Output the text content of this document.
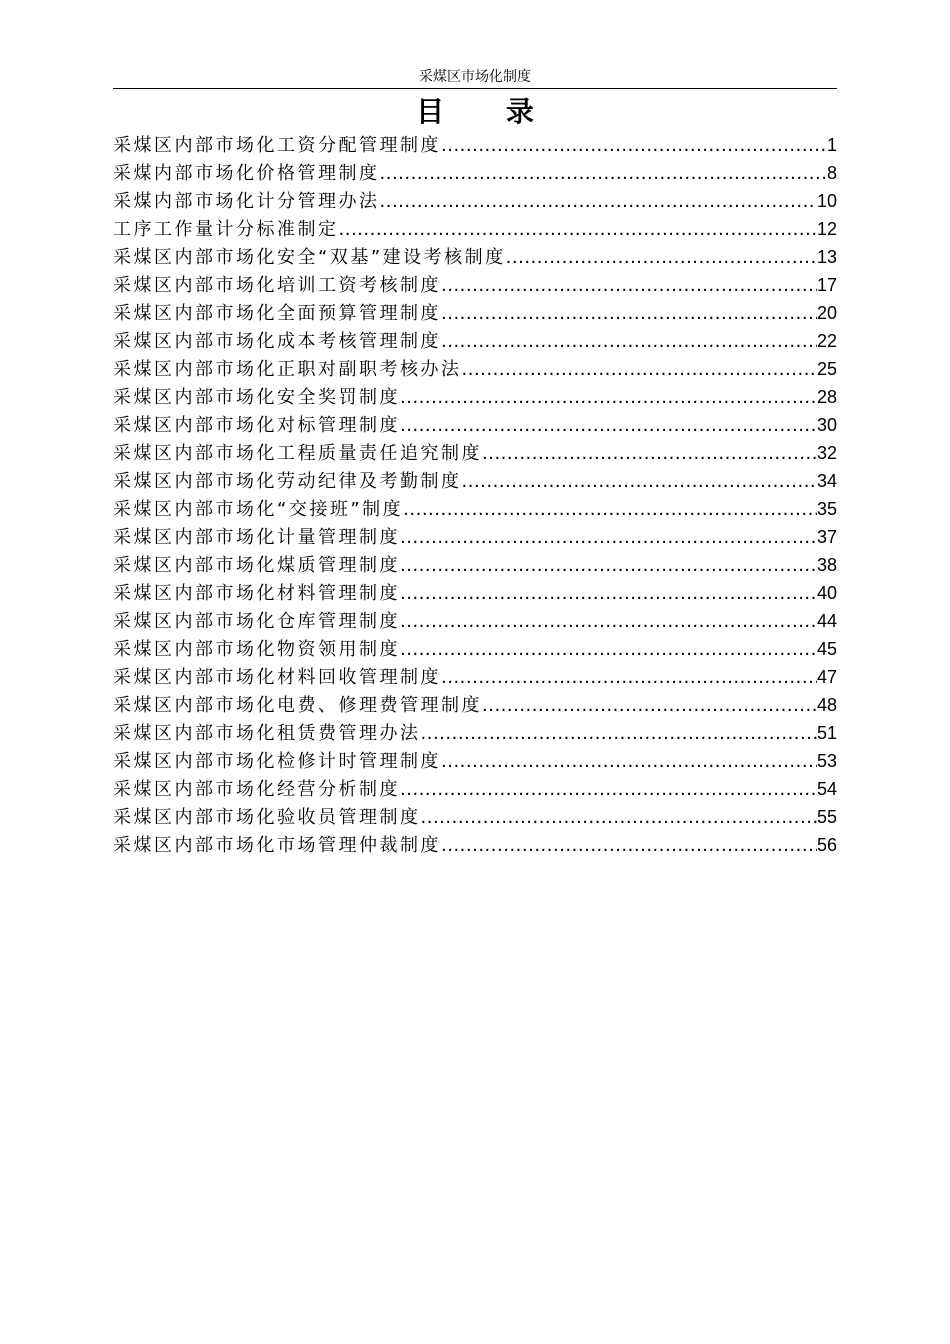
采煤区市场化制度
目 录
采煤区内部市场化工资分配管理制度 .....	1
采煤内部市场化价格管理制度 .....	8
采煤内部市场化计分管理办法 .....	10
工序工作量计分标准制定 .....	12
采煤区内部市场化安全“双基”建设考核制度 .....	13
采煤区内部市场化培训工资考核制度 .....	17
采煤区内部市场化全面预算管理制度 .....	20
采煤区内部市场化成本考核管理制度 .....	22
采煤区内部市场化正职对副职考核办法 .....	25
采煤区内部市场化安全奖罚制度 .....	28
采煤区内部市场化对标管理制度 .....	30
采煤区内部市场化工程质量责任追究制度 .....	32
采煤区内部市场化劳动纪律及考勤制度 .....	34
采煤区内部市场化“交接班”制度 .....	35
采煤区内部市场化计量管理制度 .....	37
采煤区内部市场化煤质管理制度 .....	38
采煤区内部市场化材料管理制度 .....	40
采煤区内部市场化仓库管理制度 .....	44
采煤区内部市场化物资领用制度 .....	45
采煤区内部市场化材料回收管理制度 .....	47
采煤区内部市场化电费、修理费管理制度 .....	48
采煤区内部市场化租赁费管理办法 .....	51
采煤区内部市场化检修计时管理制度 .....	53
采煤区内部市场化经营分析制度 .....	54
采煤区内部市场化验收员管理制度 .....	55
采煤区内部市场化市场管理仲裁制度 .....	56
